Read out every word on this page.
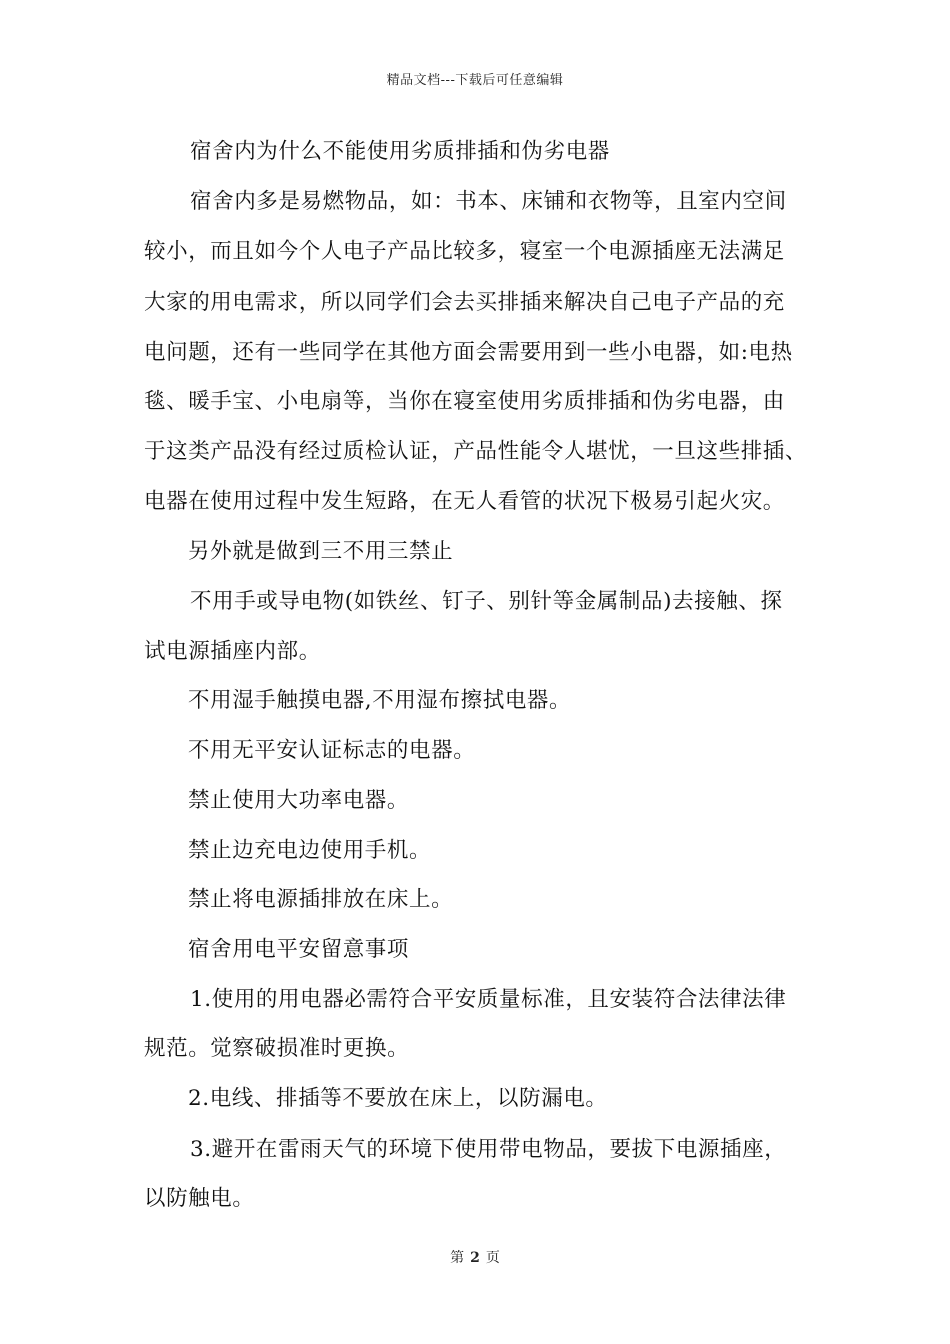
精品文档---下载后可任意编辑
宿舍内为什么不能使用劣质排插和伪劣电器
宿舍内多是易燃物品，如：书本、床铺和衣物等，且室内空间
较小，而且如今个人电子产品比较多，寝室一个电源插座无法满足
大家的用电需求，所以同学们会去买排插来解决自己电子产品的充
电问题，还有一些同学在其他方面会需要用到一些小电器，如:电热
毯、暖手宝、小电扇等，当你在寝室使用劣质排插和伪劣电器，由
于这类产品没有经过质检认证，产品性能令人堪忧，一旦这些排插、
电器在使用过程中发生短路，在无人看管的状况下极易引起火灾。
另外就是做到三不用三禁止
不用手或导电物(如铁丝、钉子、别针等金属制品)去接触、探
试电源插座内部。
不用湿手触摸电器,不用湿布擦拭电器。
不用无平安认证标志的电器。
禁止使用大功率电器。
禁止边充电边使用手机。
禁止将电源插排放在床上。
宿舍用电平安留意事项
1.使用的用电器必需符合平安质量标准，且安装符合法律法律
规范。觉察破损准时更换。
2.电线、排插等不要放在床上，以防漏电。
3.避开在雷雨天气的环境下使用带电物品，要拔下电源插座，
以防触电。
第 2 页
